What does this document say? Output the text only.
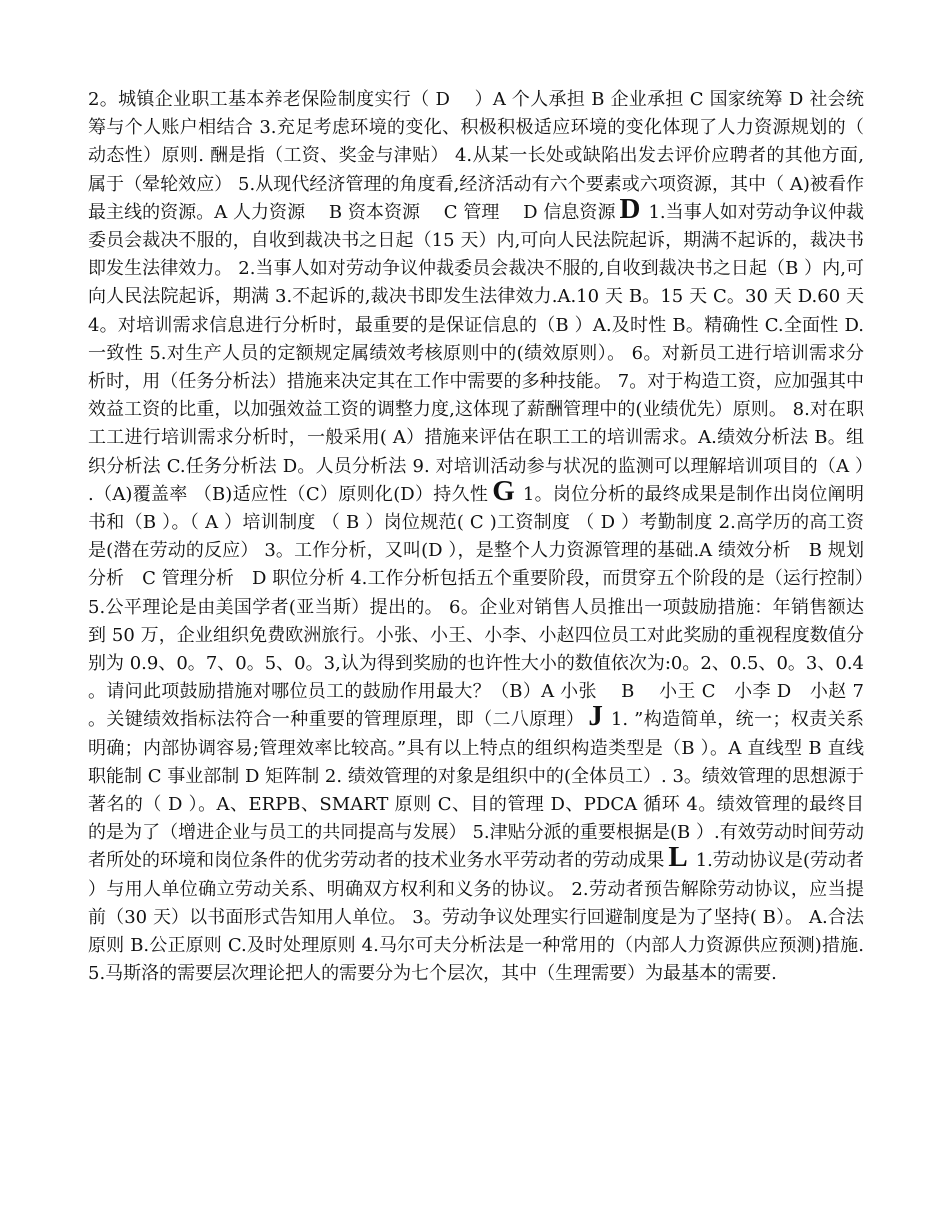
2。城镇企业职工基本养老保险制度实行（ D　 ）A 个人承担 B 企业承担 C 国家统筹 D 社会统筹与个人账户相结合 3.充足考虑环境的变化、积极积极适应环境的变化体现了人力资源规划的（动态性）原则. 酬是指（工资、奖金与津贴） 4.从某一长处或缺陷出发去评价应聘者的其他方面,属于（晕轮效应） 5.从现代经济管理的角度看,经济活动有六个要素或六项资源，其中（ A)被看作最主线的资源。A 人力资源　 B 资本资源　 C 管理　 D 信息资源 D 1.当事人如对劳动争议仲裁委员会裁决不服的，自收到裁决书之日起（15 天）内,可向人民法院起诉，期满不起诉的，裁决书即发生法律效力。 2.当事人如对劳动争议仲裁委员会裁决不服的,自收到裁决书之日起（B ）内,可向人民法院起诉，期满 3.不起诉的,裁决书即发生法律效力.A.10 天 B。15 天 C。30 天 D.60 天 4。对培训需求信息进行分析时，最重要的是保证信息的（B ）A.及时性 B。精确性 C.全面性 D.一致性 5.对生产人员的定额规定属绩效考核原则中的(绩效原则）。 6。对新员工进行培训需求分析时，用（任务分析法）措施来决定其在工作中需要的多种技能。 7。对于构造工资，应加强其中效益工资的比重，以加强效益工资的调整力度,这体现了薪酬管理中的(业绩优先）原则。 8.对在职工工进行培训需求分析时，一般采用( A）措施来评估在职工工的培训需求。A.绩效分析法 B。组织分析法 C.任务分析法 D。人员分析法 9. 对培训活动参与状况的监测可以理解培训项目的（A ）.（A)覆盖率 （B)适应性（C）原则化(D）持久性 G 1。岗位分析的最终成果是制作出岗位阐明书和（B ）。（ A ）培训制度 （ B ）岗位规范( C )工资制度 （ D ）考勤制度 2.高学历的高工资是(潜在劳动的反应） 3。工作分析，又叫(D ），是整个人力资源管理的基础.A 绩效分析　B 规划分析　C 管理分析　D 职位分析 4.工作分析包括五个重要阶段，而贯穿五个阶段的是（运行控制） 5.公平理论是由美国学者(亚当斯）提出的。 6。企业对销售人员推出一项鼓励措施：年销售额达到 50 万，企业组织免费欧洲旅行。小张、小王、小李、小赵四位员工对此奖励的重视程度数值分别为 0.9、0。7、0。5、0。3,认为得到奖励的也许性大小的数值依次为:0。2、0.5、0。3、0.4。请问此项鼓励措施对哪位员工的鼓励作用最大？（B）A 小张　 B　 小王 C　小李 D　小赵 7。关键绩效指标法符合一种重要的管理原理，即（二八原理） J 1. ”构造简单，统一；权责关系明确；内部协调容易;管理效率比较高。”具有以上特点的组织构造类型是（B ）。A 直线型 B 直线职能制 C 事业部制 D 矩阵制 2. 绩效管理的对象是组织中的(全体员工）. 3。绩效管理的思想源于著名的（ D ）。A、ERPB、SMART 原则 C、目的管理 D、PDCA 循环 4。绩效管理的最终目的是为了（增进企业与员工的共同提高与发展） 5.津贴分派的重要根据是(B ）.有效劳动时间劳动者所处的环境和岗位条件的优劣劳动者的技术业务水平劳动者的劳动成果 L 1.劳动协议是(劳动者）与用人单位确立劳动关系、明确双方权利和义务的协议。 2.劳动者预告解除劳动协议，应当提前（30 天）以书面形式告知用人单位。 3。劳动争议处理实行回避制度是为了坚持( B）。 A.合法原则 B.公正原则 C.及时处理原则 4.马尔可夫分析法是一种常用的（内部人力资源供应预测)措施. 5.马斯洛的需要层次理论把人的需要分为七个层次，其中（生理需要）为最基本的需要.
